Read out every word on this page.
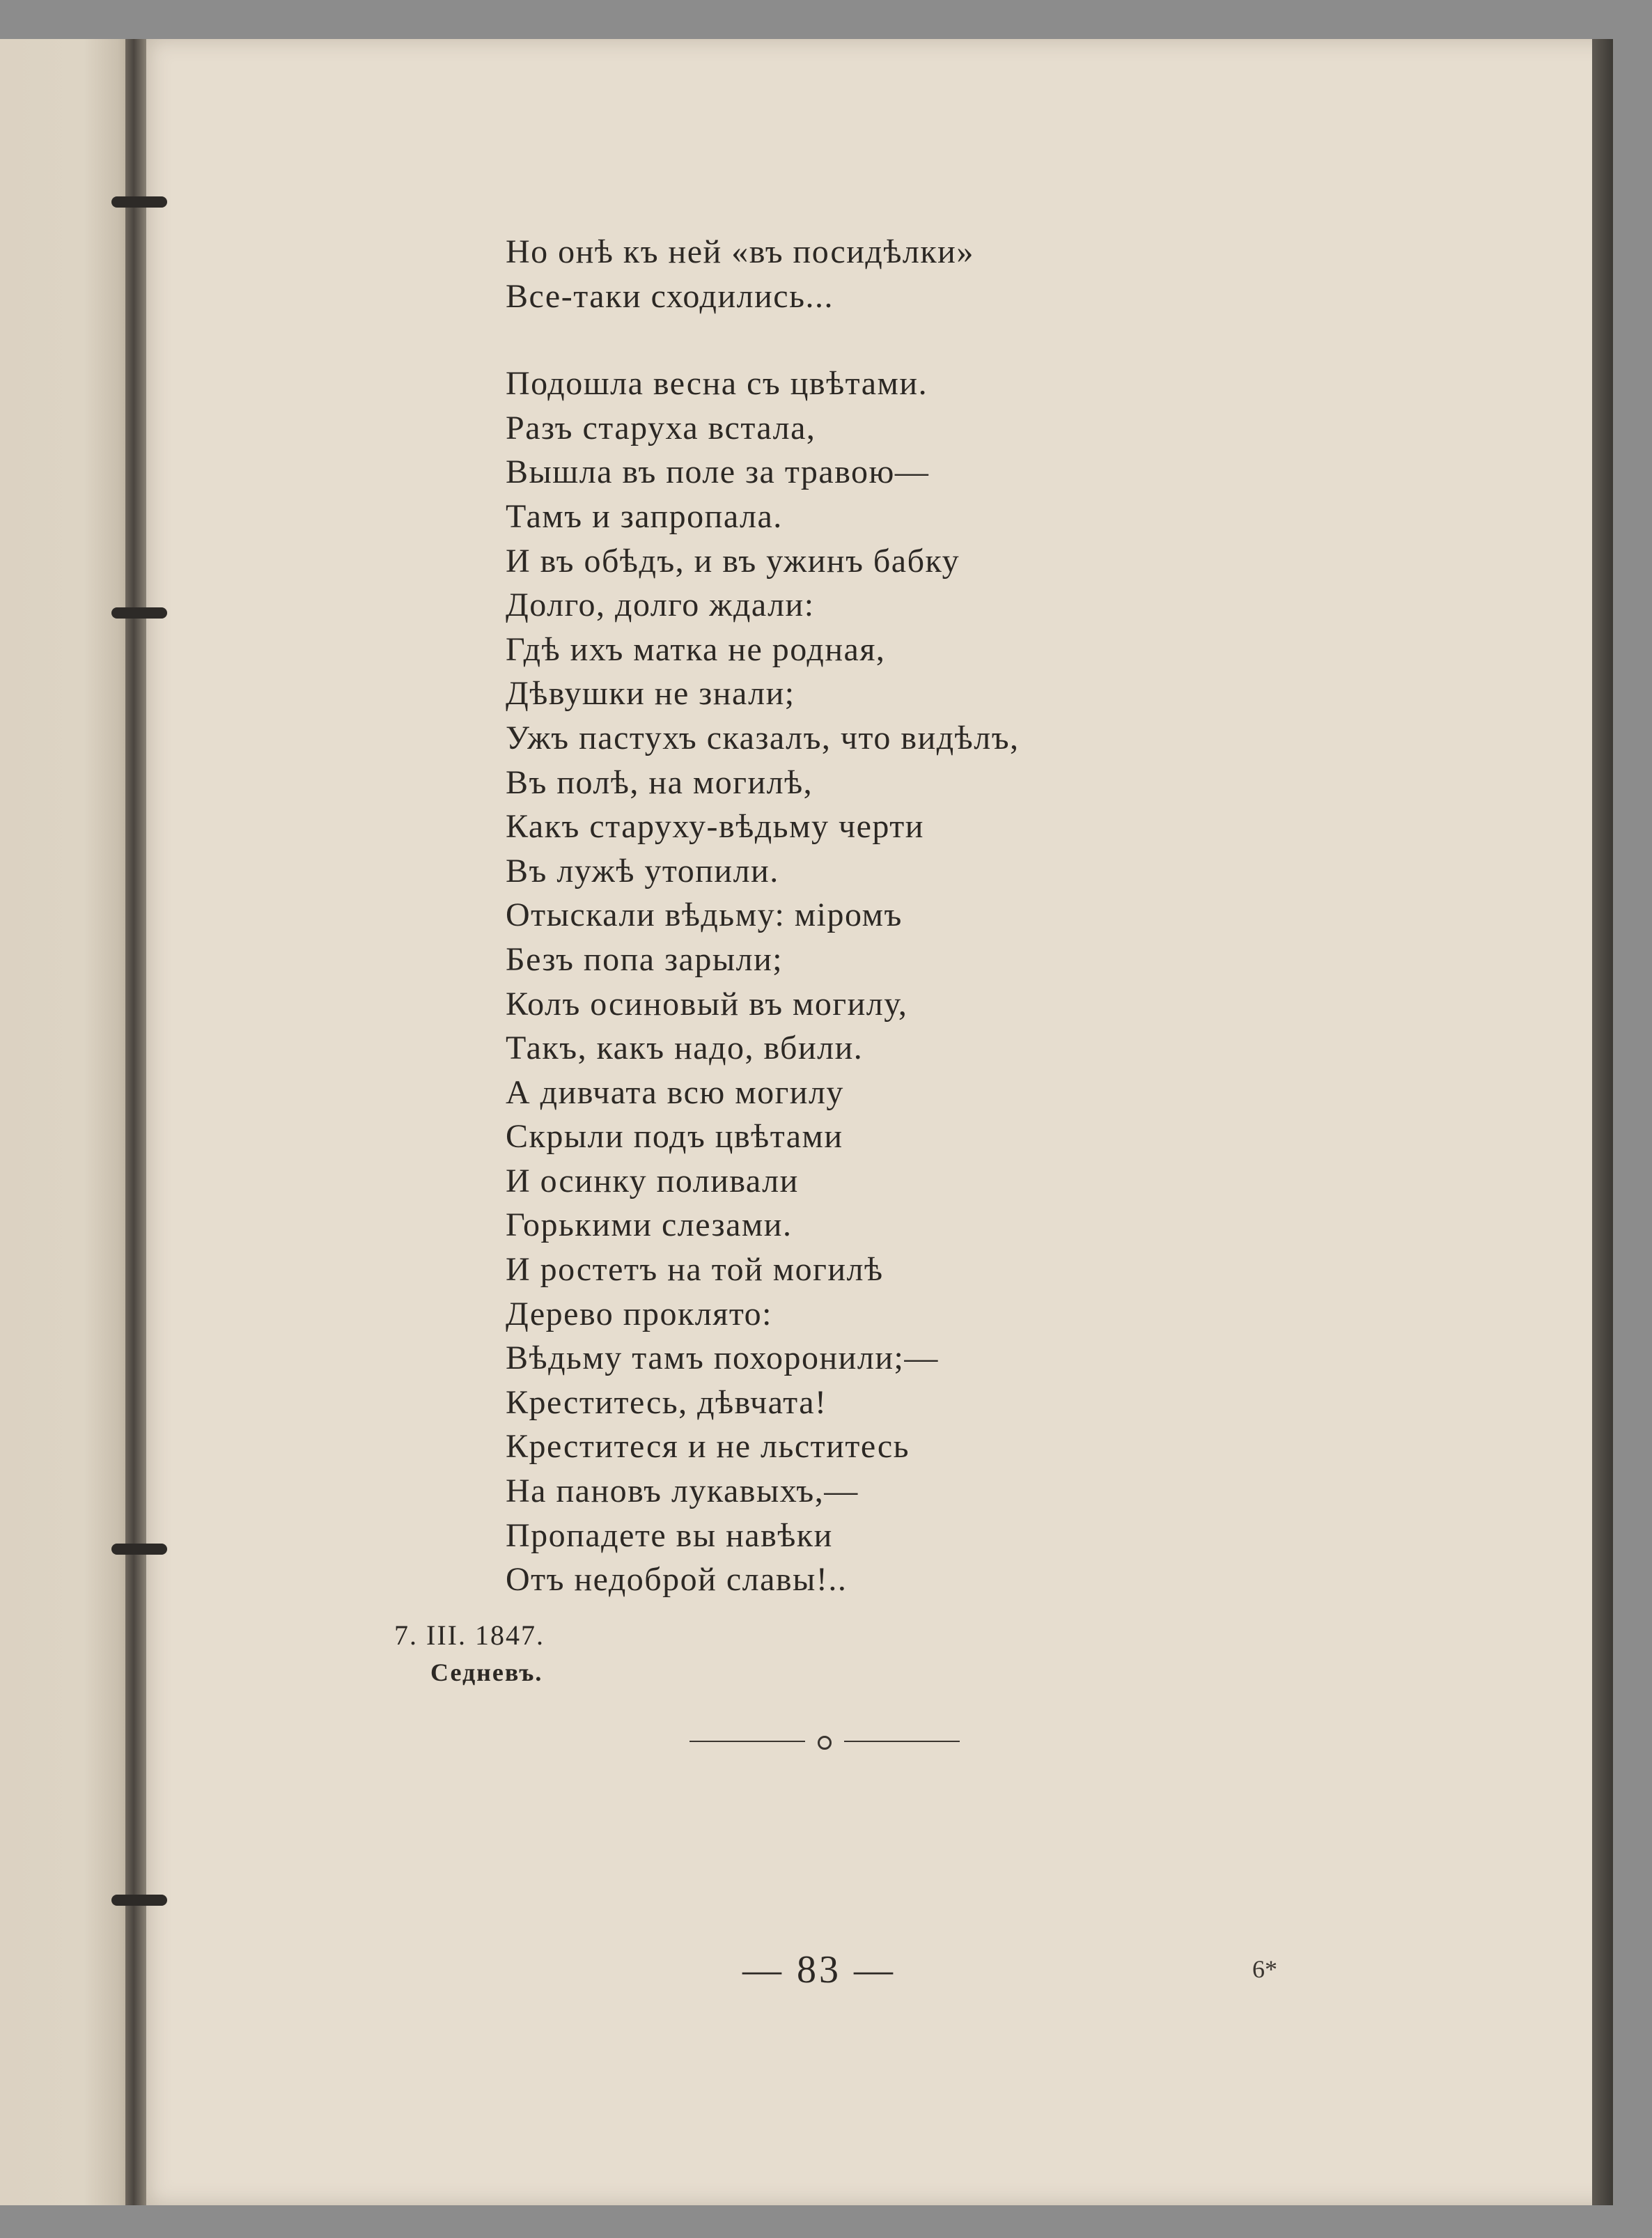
Но онѣ къ ней «въ посидѣлки»
Все-таки сходились...
Подошла весна съ цвѣтами.
Разъ старуха встала,
Вышла въ поле за травою—
Тамъ и запропала.
И въ обѣдъ, и въ ужинъ бабку
Долго, долго ждали:
Гдѣ ихъ матка не родная,
Дѣвушки не знали;
Ужъ пастухъ сказалъ, что видѣлъ,
Въ полѣ, на могилѣ,
Какъ старуху-вѣдьму черти
Въ лужѣ утопили.
Отыскали вѣдьму: міромъ
Безъ попа зарыли;
Колъ осиновый въ могилу,
Такъ, какъ надо, вбили.
А дивчата всю могилу
Скрыли подъ цвѣтами
И осинку поливали
Горькими слезами.
И ростетъ на той могилѣ
Дерево проклято:
Вѣдьму тамъ похоронили;—
Креститесь, дѣвчата!
Креститеся и не льститесь
На пановъ лукавыхъ,—
Пропадете вы навѣки
Отъ недоброй славы!..
7. III. 1847.
Седневъ.
— 83 —	6*
